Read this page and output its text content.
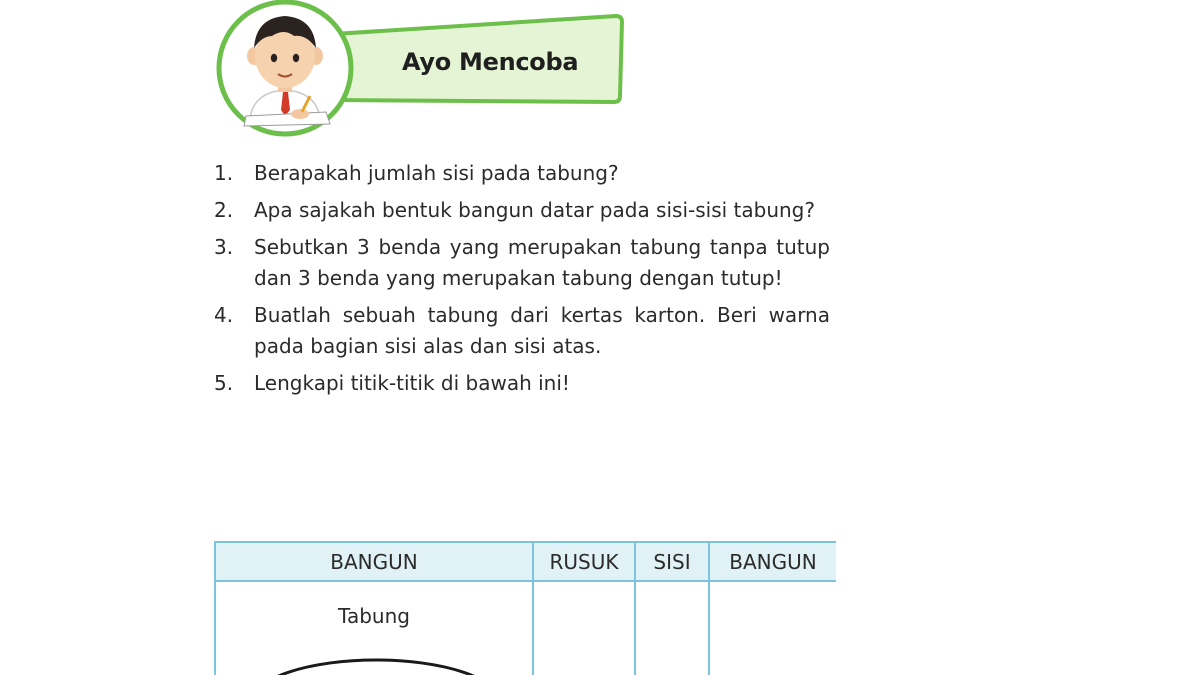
Ayo Mencoba
1.	Berapakah jumlah sisi pada tabung?
2.	Apa sajakah bentuk bangun datar pada sisi-sisi tabung?
3.	Sebutkan 3 benda yang merupakan tabung tanpa tutup dan 3 benda yang merupakan tabung dengan tutup!
4.	Buatlah sebuah tabung dari kertas karton. Beri warna pada bagian sisi alas dan sisi atas.
5.	Lengkapi titik-titik di bawah ini!
BANGUN	RUSUK	SISI	BANGUN

Tabung			
